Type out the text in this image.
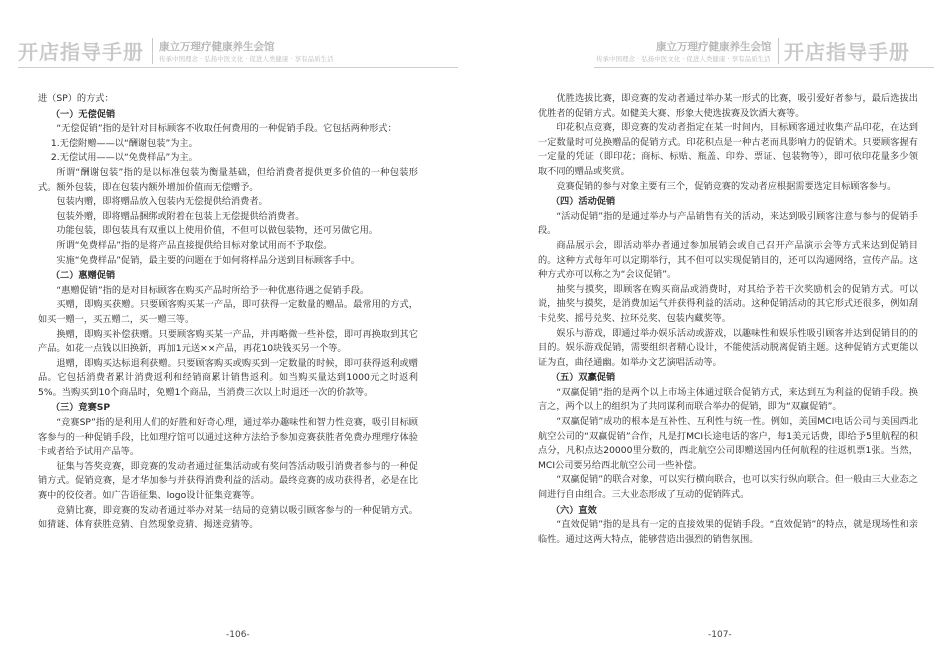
开店指导手册 康立万理疗健康养生会馆
传承中国理念 · 弘扬中医文化 · 促进人类健康 · 享有品质生活

进（SP）的方式：

（一）无偿促销

“无偿促销”指的是针对目标顾客不收取任何费用的一种促销手段。它包括两种形式：

1.无偿附赠——以“酬谢包装”为主。

2.无偿试用——以“免费样品”为主。

所谓“酬谢包装”指的是以标准包装为衡量基础，但给消费者提供更多价值的一种包装形式。额外包装，即在包装内额外增加价值而无偿赠予。

包装内赠，即将赠品放入包装内无偿提供给消费者。

包装外赠，即将赠品捆绑或附着在包装上无偿提供给消费者。

功能包装，即包装具有双重以上使用价值，不但可以做包装物，还可另做它用。

所谓“免费样品”指的是将产品直接提供给目标对象试用而不予取偿。

实施“免费样品”促销，最主要的问题在于如何将样品分送到目标顾客手中。

（二）惠赠促销

“惠赠促销”指的是对目标顾客在购买产品时所给予一种优惠待遇之促销手段。

买赠，即购买获赠。只要顾客购买某一产品，即可获得一定数量的赠品。最常用的方式，如买一赠一，买五赠二，买一赠三等。

换赠，即购买补偿获赠。只要顾客购买某一产品，并再略微一些补偿，即可再换取到其它产品。如花一点钱以旧换新，再加1元送××产品，再花10块钱买另一个等。

退赠，即购买达标退利获赠。只要顾客购买或购买到一定数量的时候，即可获得返利或赠品。它包括消费者累计消费返利和经销商累计销售返利。如当购买量达到1000元之时返利5%。当购买到10个商品时，免赠1个商品，当消费三次以上时退还一次的价款等。

（三）竞赛SP

“竞赛SP”指的是利用人们的好胜和好奇心理，通过举办趣味性和智力性竞赛，吸引目标顾客参与的一种促销手段，比如理疗馆可以通过这种方法给予参加竞赛获胜者免费办理理疗体验卡或者给予试用产品等。

征集与答奖竞赛，即竞赛的发动者通过征集活动或有奖问答活动吸引消费者参与的一种促销方式。促销竞赛，是才华加参与并获得消费利益的活动。最终竞赛的成功获得者，必是在比赛中的佼佼者。如广告语征集、logo设计征集竞赛等。

竞猜比赛，即竞赛的发动者通过举办对某一结局的竞猜以吸引顾客参与的一种促销方式。如猜谜、体育获胜竞猜、自然现象竞猜、揭迷竞猜等。

-106-
传承中国理念 · 弘扬中医文化 · 促进人类健康 · 享有品质生活
康立万理疗健康养生会馆 开店指导手册

优胜选拔比赛，即竞赛的发动者通过举办某一形式的比赛，吸引爱好者参与，最后选拔出优胜者的促销方式。如健美大赛、形象大使选拔赛及饮酒大赛等。

印花积点竞赛，即竞赛的发动者指定在某一时间内，目标顾客通过收集产品印花，在达到一定数量时可兑换赠品的促销方式。印花积点是一种古老而具影响力的促销术。只要顾客握有一定量的凭证（即印花；商标、标贴、瓶盖、印券、票证、包装物等），即可依印花量多少领取不同的赠品或奖赏。

竞赛促销的参与对象主要有三个，促销竞赛的发动者应根据需要选定目标顾客参与。

（四）活动促销

“活动促销”指的是通过举办与产品销售有关的活动，来达到吸引顾客注意与参与的促销手段。

商品展示会，即活动举办者通过参加展销会或自己召开产品演示会等方式来达到促销目的。这种方式每年可以定期举行，其不但可以实现促销目的，还可以沟通网络，宣传产品。这种方式亦可以称之为“会议促销”。

抽奖与摸奖，即顾客在购买商品或消费时，对其给予若干次奖励机会的促销方式。可以说，抽奖与摸奖，是消费加运气并获得利益的活动。这种促销活动的其它形式还很多，例如刮卡兑奖、摇号兑奖、拉环兑奖、包装内藏奖等。

娱乐与游戏，即通过举办娱乐活动或游戏，以趣味性和娱乐性吸引顾客并达到促销目的的目的。娱乐游戏促销，需要组织者精心设计，不能使活动脱离促销主题。这种促销方式更能以证为直，曲径通幽。如举办文艺演唱活动等。

（五）双赢促销

“双赢促销”指的是两个以上市场主体通过联合促销方式，来达到互为利益的促销手段。换言之，两个以上的组织为了共同谋利而联合举办的促销，即为“双赢促销”。

“双赢促销”成功的根本是互补性、互利性与统一性。例如，美国MCI电话公司与美国西北航空公司的“双赢促销”合作，凡是打MCI长途电话的客户，每1美元话费，即给予5里航程的积点分，凡积点达20000里分数的，西北航空公司即赠送国内任何航程的往返机票1张。当然，MCI公司要另给西北航空公司一些补偿。

“双赢促销”的联合对象，可以实行横向联合，也可以实行纵向联合。但一般由三大业态之间进行自由组合。三大业态形成了互动的促销阵式。

（六）直效

“直效促销”指的是具有一定的直接效果的促销手段。“直效促销”的特点，就是现场性和亲临性。通过这两大特点，能够营造出强烈的销售氛围。

-107-
